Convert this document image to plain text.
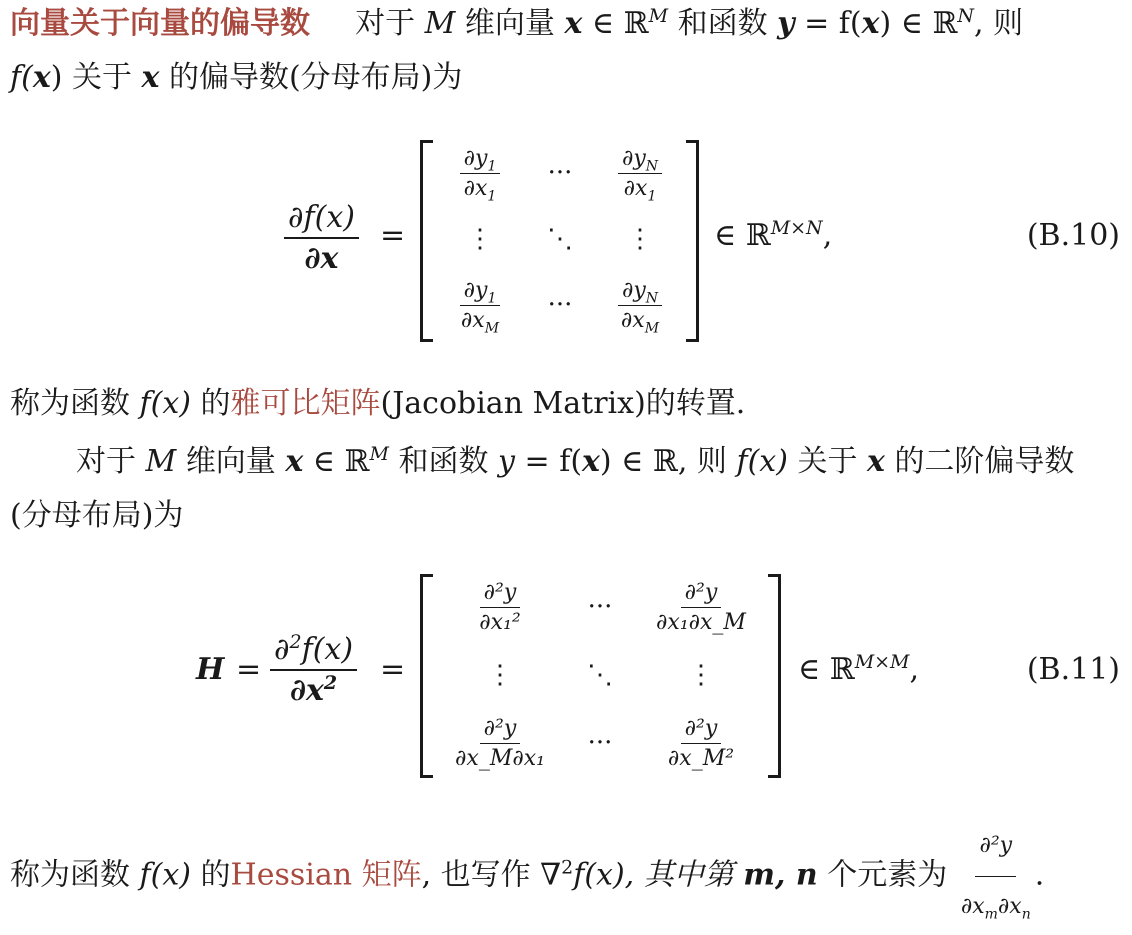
向量关于向量的偏导数 对于 M 维向量 x ∈ ℝ$^M$ 和函数 y = f(x) ∈ ℝ$^N$, 则
f(x) 关于 x 的偏导数(分母布局)为
$\frac{\partial f(x)}{\partial x}$ =
$\frac{\partial y_1}{\partial x_1}$ ··· $\frac{\partial y_N}{\partial x_1}$
⋮ ⋱ ⋮
$\frac{\partial y_1}{\partial x_M}$ ··· $\frac{\partial y_N}{\partial x_M}$
∈ ℝ$^{M\times N}$,	(B.10)
称为函数 f(x) 的雅可比矩阵(Jacobian Matrix)的转置.
对于 M 维向量 x ∈ ℝ$^M$ 和函数 y = f(x) ∈ ℝ, 则 f(x) 关于 x 的二阶偏导数
(分母布局)为
$H = \frac{\partial^2f(x)}{\partial x^2}$ =
$\frac{\text{∂²y}}{\text{∂x₁²}}$ ··· $\frac{\text{∂²y}}{\text{∂x₁∂x\_M}}$
⋮	⋱	⋮
$\frac{\text{∂²y}}{\text{∂x\_M∂x₁}}$ ··· $\frac{\text{∂²y}}{\text{∂x\_M²}}$
∈ ℝ$^{M\times M}$,	(B.11)
称为函数 f(x) 的Hessian 矩阵, 也写作 ∇$^2$f(x), 其中第 m, n 个元素为 $\frac{\text{∂²y}}{\partial x_m\partial x_n}$ .
